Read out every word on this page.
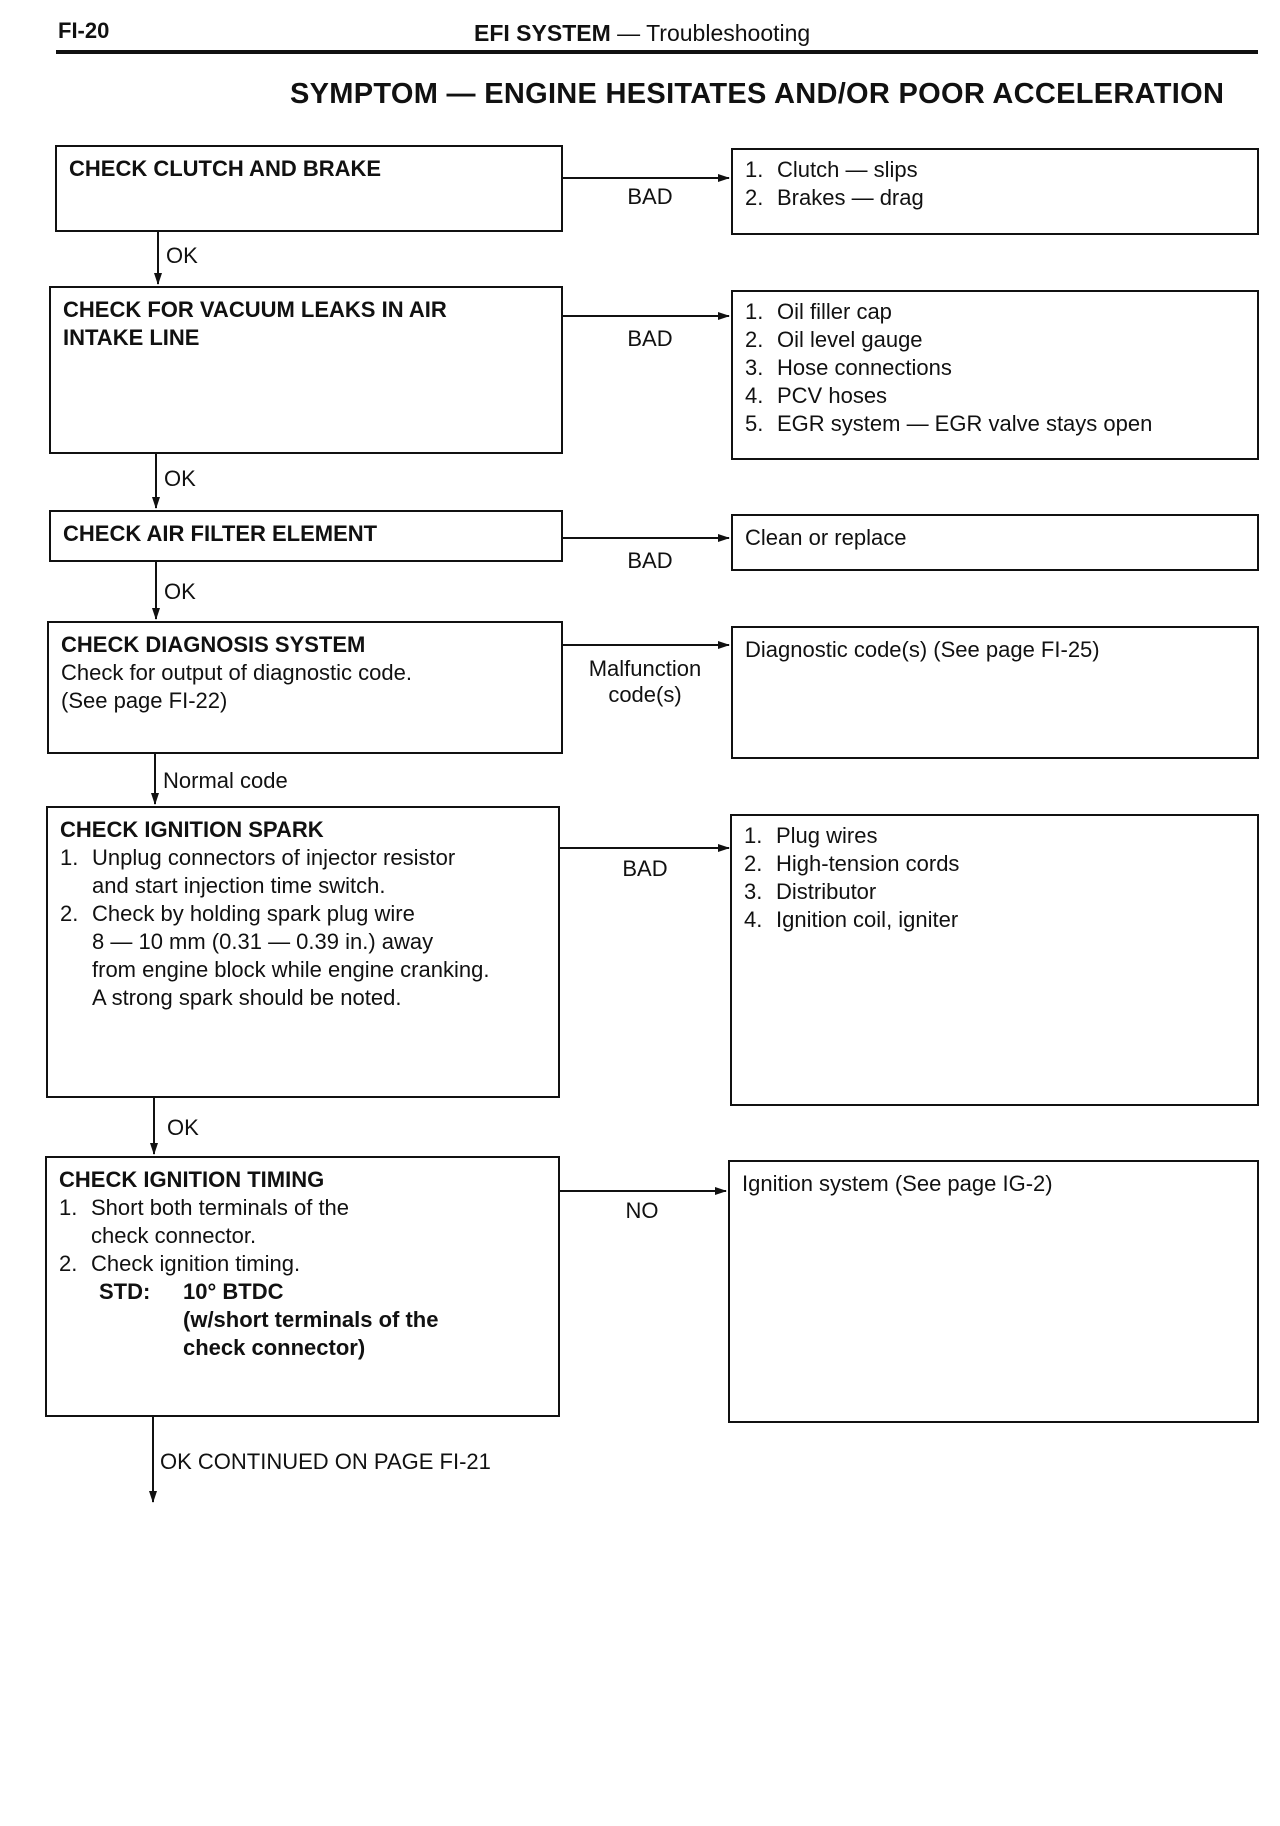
FI-20	EFI SYSTEM — Troubleshooting
SYMPTOM — ENGINE HESITATES AND/OR POOR ACCELERATION
CHECK CLUTCH AND BRAKE
BAD
1. Clutch — slips
2. Brakes — drag
OK
CHECK FOR VACUUM LEAKS IN AIR INTAKE LINE	BAD
1. Oil filler cap
2. Oil level gauge
3. Hose connections
4. PCV hoses
5. EGR system — EGR valve stays open
OK
CHECK AIR FILTER ELEMENT
BAD
Clean or replace
OK
CHECK DIAGNOSIS SYSTEM
Check for output of diagnostic code.
(See page FI-22)
Malfunction
code(s)
Diagnostic code(s) (See page FI-25)
Normal code
CHECK IGNITION SPARK
1. Unplug connectors of injector resistor
and start injection time switch.
2. Check by holding spark plug wire
8 — 10 mm (0.31 — 0.39 in.) away
from engine block while engine cranking.
A strong spark should be noted.
BAD
1. Plug wires
2. High-tension cords
3. Distributor
4. Ignition coil, igniter
OK
CHECK IGNITION TIMING
1. Short both terminals of the
check connector.
2. Check ignition timing.
STD:	10° BTDC
(w/short terminals of the
check connector)
NO
Ignition system (See page IG-2)
OK CONTINUED ON PAGE FI-21
